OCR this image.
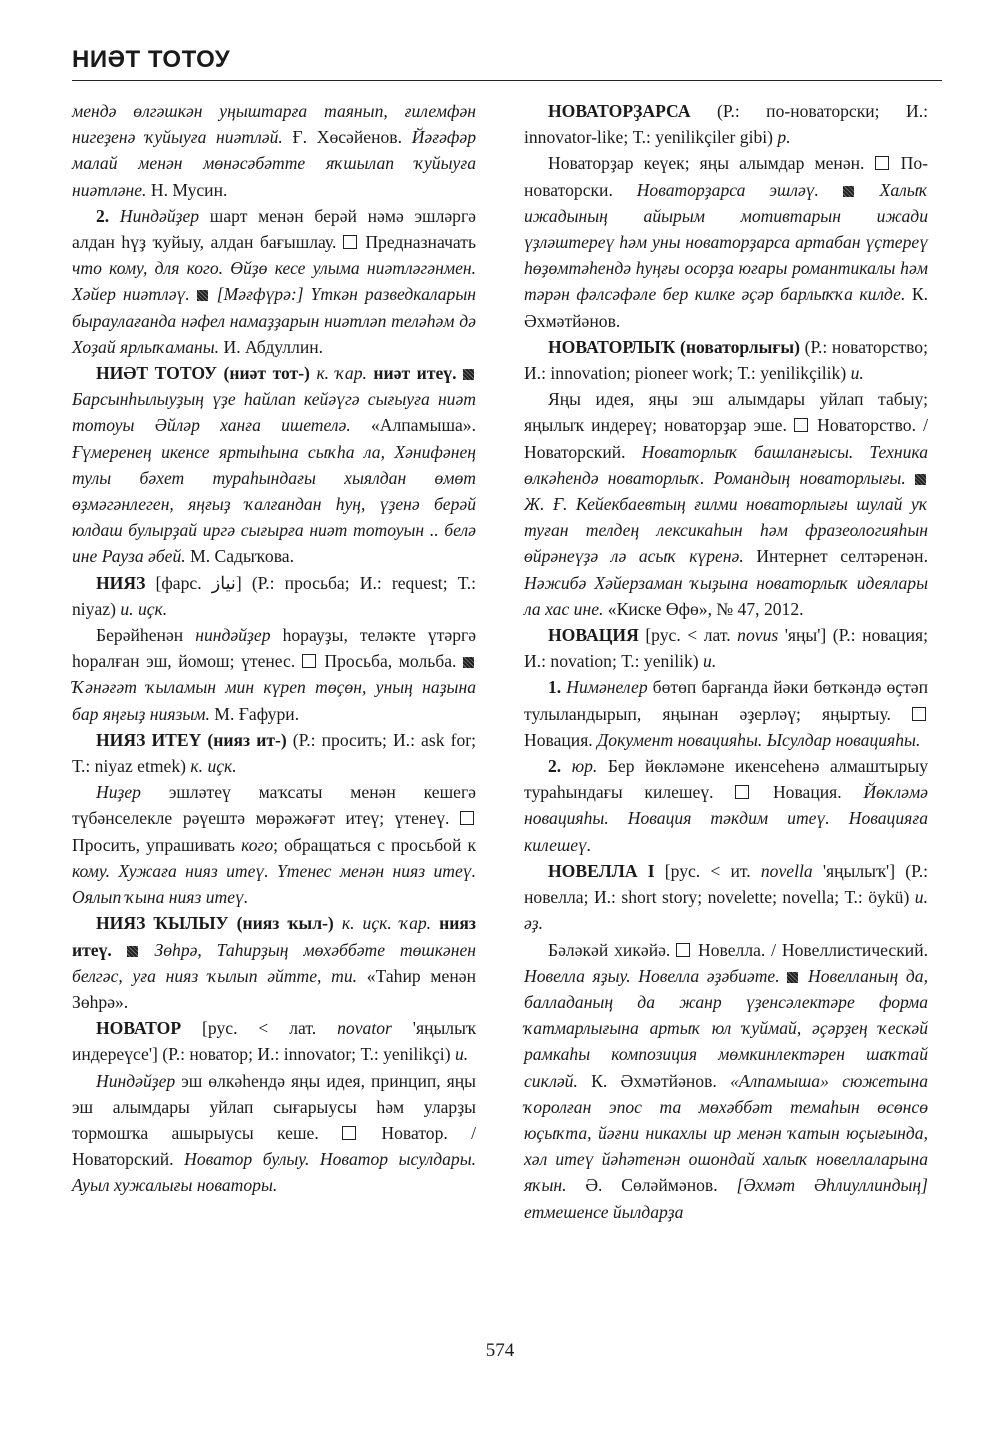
НИӘТ ТОТОУ

мендә өлгәшкән уңыштарға таянып, ғилемфән нигеҙенә ҡуйыуға ниәтләй. Ғ. Хөсәйенов. Йәғәфәр малай менән мөнәсәбәтте яҡшылап ҡуйыуға ниәтләне. Н. Мусин.

2. Ниндәйҙер шарт менән берәй нәмә эшләргә алдан һүҙ ҡуйыу, алдан бағышлау.  Предназначать что кому, для кого. Өйҙө кесе улыма ниәтләгәнмен. Хәйер ниәтләү.  [Мәғфүрә:] Үткән разведкаларын быраулағанда нәфел намаҙҙарын ниәтләп теләһәм дә Хоҙай ярлыҡаманы. И. Абдуллин.

НИӘТ ТОТОУ (ниәт тот-) к. ҡар. ниәт итеү.  Барсынһылыуҙың үҙе һайлап кейәүгә сығыуға ниәт тотоуы Әйләр ханға ишетелә. «Алпамыша». Ғүмеренең икенсе яртыһына сыҡһа ла, Хәнифәнең тулы бәхет тураһындағы хыялдан өмөт өҙмәгәнлеген, яңғыҙ ҡалғандан һуң, үҙенә берәй юлдаш булырҙай иргә сығырға ниәт тотоуын .. белә ине Рауза әбей. М. Садыҡова.

НИЯЗ [фарс. نیاز] (Р.: просьба; И.: request; Т.: niyaz) и. иҫк.

Берәйһенән ниндәйҙер һорауҙы, теләкте үтәргә һоралған эш, йомош; үтенес.  Просьба, мольба.  Ҡәнәғәт ҡыламын мин күреп төҫөн, уның наҙына бар яңғыҙ ниязым. М. Ғафури.

НИЯЗ ИТЕҮ (нияз ит-) (Р.: просить; И.: ask for; Т.: niyaz etmek) к. иҫк.

Ниҙер эшләтеү маҡсаты менән кешегә түбәнселекле рәүештә мөрәжәғәт итеү; үтенеү.  Просить, упрашивать кого; обращаться с просьбой к кому. Хужаға нияз итеү. Үтенес менән нияз итеү. Оялып ҡына нияз итеү.

НИЯЗ ҠЫЛЫУ (нияз ҡыл-) к. иҫк. ҡар. нияз итеү.  Зөһрә, Таһирҙың мөхәббәте төшкәнен белгәс, уға нияз ҡылып әйтте, ти. «Таһир менән Зөһрә».

НОВАТОР [рус. < лат. novator 'яңылыҡ индереүсе'] (Р.: новатор; И.: innovator; Т.: yenilikçi) и.

Ниндәйҙер эш өлкәһендә яңы идея, принцип, яңы эш алымдары уйлап сығарыусы һәм уларҙы тормошҡа ашырыусы кеше.  Новатор. / Новаторский. Новатор булыу. Новатор ысулдары. Ауыл хужалығы новаторы.

НОВАТОРҘАРСА (Р.: по-новаторски; И.: innovator-like; Т.: yenilikçiler gibi) р.

Новаторҙар кеүек; яңы алымдар менән.  По-новаторски. Новаторҙарса эшләү.  Халыҡ ижадының айырым мотивтарын ижади үҙләштереү һәм уны новаторҙарса артабан үҫтереү һөҙөмтәһендә һуңғы осорҙа юғары романтикалы һәм тәрән фәлсәфәле бер килке әҫәр барлыҡҡа килде. К. Әхмәтйәнов.

НОВАТОРЛЫҠ (новаторлығы) (Р.: новаторство; И.: innovation; pioneer work; Т.: yenilikçilik) и.

Яңы идея, яңы эш алымдары уйлап табыу; яңылыҡ индереү; новаторҙар эше.  Новаторство. / Новаторский. Новаторлыҡ башланғысы. Техника өлкәһендә новаторлыҡ. Романдың новаторлығы.  Ж. Ғ. Кейекбаевтың ғилми новаторлығы шулай уҡ туған телдең лексикаһын һәм фразеологияһын өйрәнеүҙә лә асыҡ күренә. Интернет селтәренән. Нәжибә Хәйерзаман ҡыҙына новаторлыҡ идеялары ла хас ине. «Киске Өфө», № 47, 2012.

НОВАЦИЯ [рус. < лат. novus 'яңы'] (Р.: новация; И.: novation; Т.: yenilik) и.

1. Нимәнелер бөтөп барғанда йәки бөткәндә өҫтәп тулыландырып, яңынан әҙерләү; яңыртыу.  Новация. Документ новацияһы. Ысулдар новацияһы.

2. юр. Бер йөкләмәне икенсеһенә алмаштырыу тураһындағы килешеү.  Новация. Йөкләмә новацияһы. Новация тәкдим итеү. Новацияға килешеү.

НОВЕЛЛА I [рус. < ит. novella 'яңылыҡ'] (Р.: новелла; И.: short story; novelette; novella; Т.: öykü) и. әҙ.

Бәләкәй хикәйә.  Новелла. / Новеллистический. Новелла яҙыу. Новелла әҙәбиәте.  Новелланың да, балладаның да жанр үҙенсәлектәре форма ҡатмарлығына артыҡ юл ҡуймай, әҫәрҙең ҡескәй рамкаһы композиция мөмкинлектәрен шаҡтай сикләй. К. Әхмәтйәнов. «Алпамыша» сюжетына ҡоролған эпос та мөхәббәт темаһын өсөнсө юҫыҡта, йәғни никахлы ир менән ҡатын юҫығында, хәл итеү йәһәтенән ошондай халыҡ новеллаларына яҡын. Ә. Сөләймәнов. [Әхмәт Әһлиуллиндың] етмешенсе йылдарҙа

574
